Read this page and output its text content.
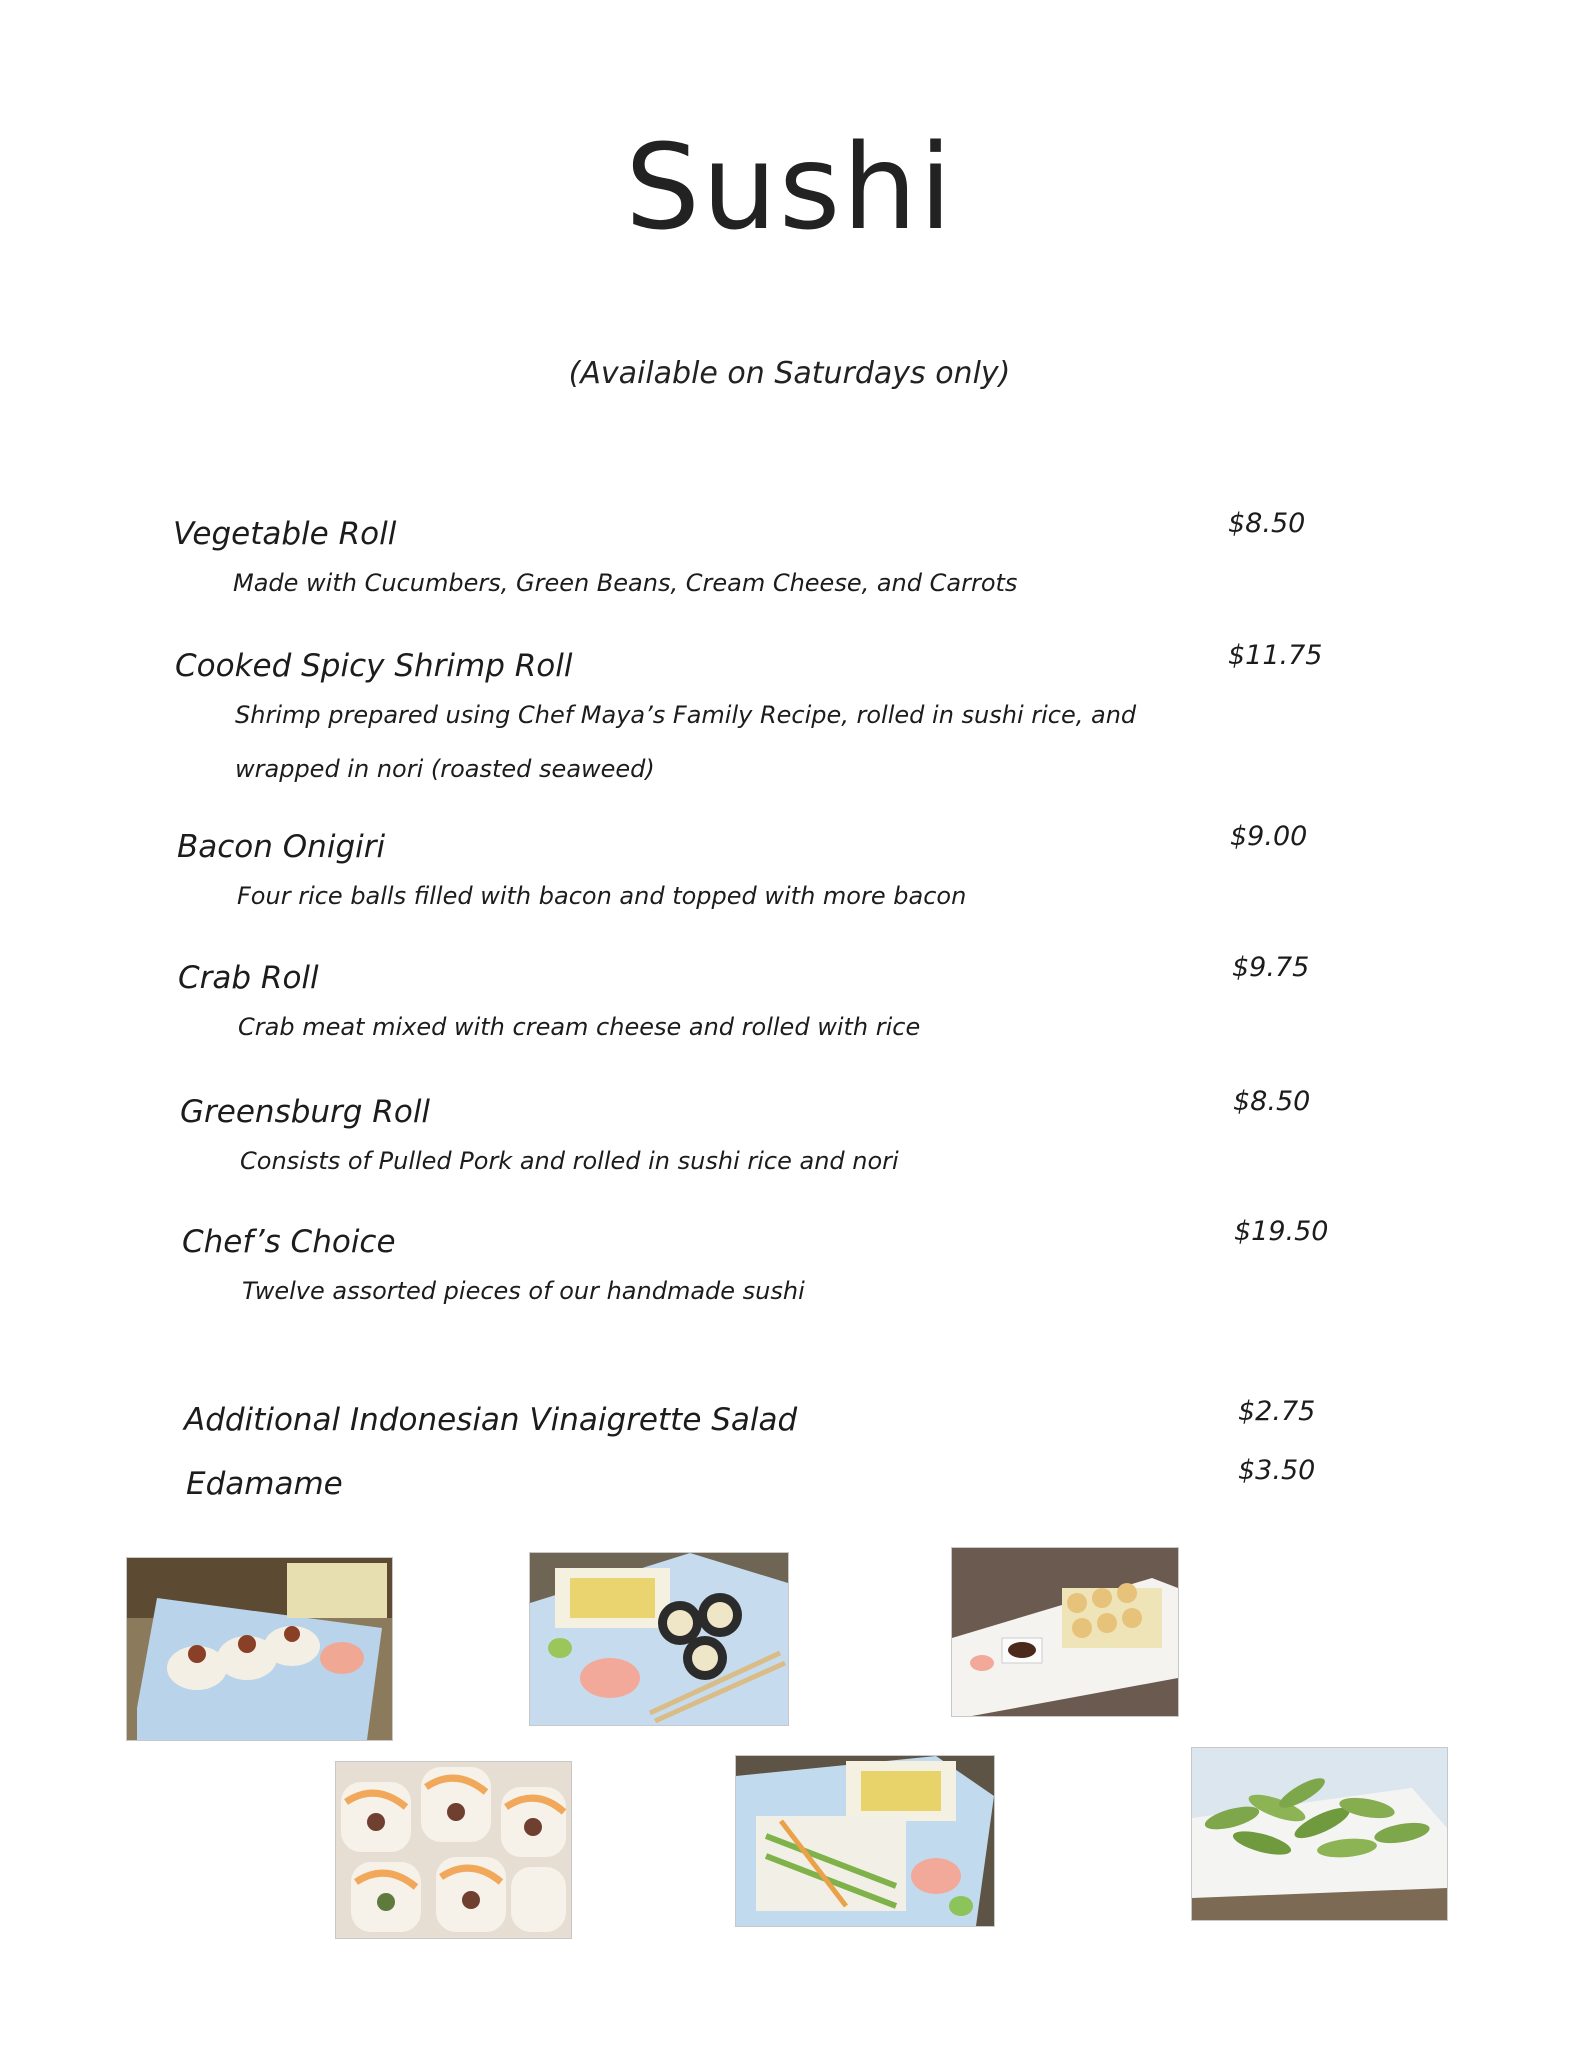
Sushi
(Available on Saturdays only)
Vegetable Roll	$8.50
Made with Cucumbers, Green Beans, Cream Cheese, and Carrots
Cooked Spicy Shrimp Roll	$11.75
Shrimp prepared using Chef Maya’s Family Recipe, rolled in sushi rice, and
wrapped in nori (roasted seaweed)
Bacon Onigiri	$9.00
Four rice balls filled with bacon and topped with more bacon
Crab Roll	$9.75
Crab meat mixed with cream cheese and rolled with rice
Greensburg Roll	$8.50
Consists of Pulled Pork and rolled in sushi rice and nori
Chef’s Choice	$19.50
Twelve assorted pieces of our handmade sushi
Additional Indonesian Vinaigrette Salad	$2.75
Edamame	$3.50
